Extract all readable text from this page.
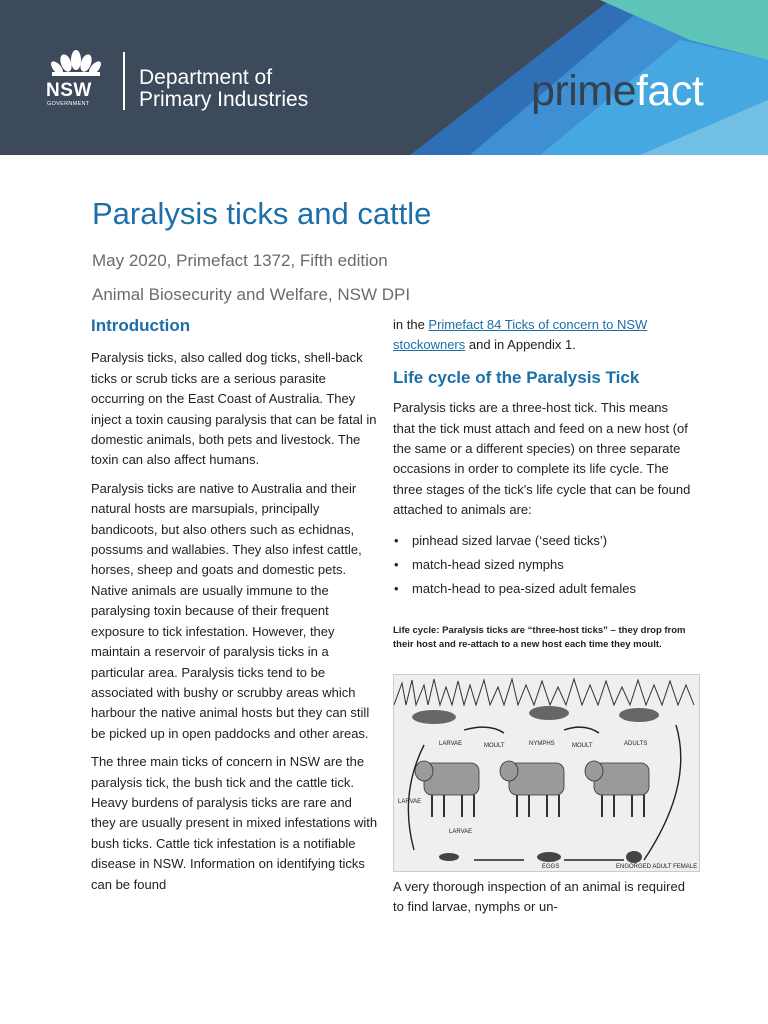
NSW
GOVERNMENT
Department of
Primary Industries	primefact
Paralysis ticks and cattle

May 2020, Primefact 1372, Fifth edition

Animal Biosecurity and Welfare, NSW DPI

Introduction

Paralysis ticks, also called dog ticks, shell-back ticks or scrub ticks are a serious parasite occurring on the East Coast of Australia. They inject a toxin causing paralysis that can be fatal in domestic animals, both pets and livestock. The toxin can also affect humans.

Paralysis ticks are native to Australia and their natural hosts are marsupials, principally bandicoots, but also others such as echidnas, possums and wallabies. They also infest cattle, horses, sheep and goats and domestic pets. Native animals are usually immune to the paralysing toxin because of their frequent exposure to tick infestation. However, they maintain a reservoir of paralysis ticks in a particular area. Paralysis ticks tend to be associated with bushy or scrubby areas which harbour the native animal hosts but they can still be picked up in open paddocks and other areas.

The three main ticks of concern in NSW are the paralysis tick, the bush tick and the cattle tick. Heavy burdens of paralysis ticks are rare and they are usually present in mixed infestations with bush ticks. Cattle tick infestation is a notifiable disease in NSW. Information on identifying ticks can be found

in the Primefact 84 Ticks of concern to NSW stockowners and in Appendix 1.

Life cycle of the Paralysis Tick

Paralysis ticks are a three-host tick. This means that the tick must attach and feed on a new host (of the same or a different species) on three separate occasions in order to complete its life cycle. The three stages of the tick's life cycle that can be found attached to animals are:

• pinhead sized larvae (‘seed ticks’)
• match-head sized nymphs
• match-head to pea-sized adult females
Life cycle: Paralysis ticks are “three-host ticks” – they drop from their host and re-attach to a new host each time they moult.
LARVAE	MOULT	NYMPHS	MOULT	ADULTS
LARVAE
LARVAE
EGGS	ENGORGED ADULT FEMALE

A very thorough inspection of an animal is required to find larvae, nymphs or un-
